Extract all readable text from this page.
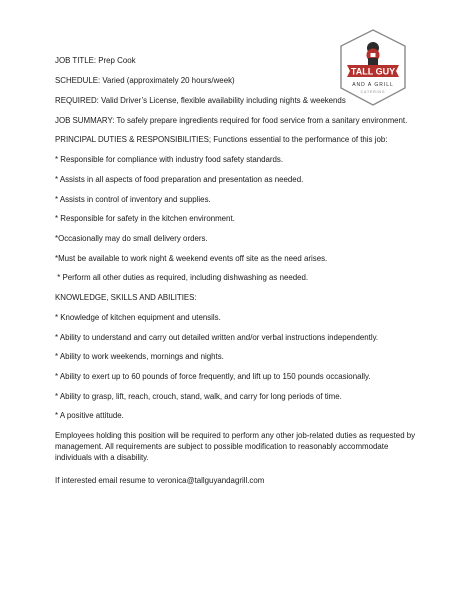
TALL GUY
AND A GRILL
CATERING
JOB TITLE: Prep Cook
SCHEDULE: Varied (approximately 20 hours/week)
REQUIRED: Valid Driver’s License, flexible availability including nights & weekends
JOB SUMMARY: To safely prepare ingredients required for food service from a sanitary environment.
PRINCIPAL DUTIES & RESPONSIBILITIES; Functions essential to the performance of this job:
* Responsible for compliance with industry food safety standards.
* Assists in all aspects of food preparation and presentation as needed.
* Assists in control of inventory and supplies.
* Responsible for safety in the kitchen environment.
*Occasionally may do small delivery orders.
*Must be available to work night & weekend events off site as the need arises.
* Perform all other duties as required, including dishwashing as needed.
KNOWLEDGE, SKILLS AND ABILITIES:
* Knowledge of kitchen equipment and utensils.
* Ability to understand and carry out detailed written and/or verbal instructions independently.
* Ability to work weekends, mornings and nights.
* Ability to exert up to 60 pounds of force frequently, and lift up to 150 pounds occasionally.
* Ability to grasp, lift, reach, crouch, stand, walk, and carry for long periods of time.
* A positive attitude.
Employees holding this position will be required to perform any other job-related duties as requested by management. All requirements are subject to possible modification to reasonably accommodate individuals with a disability.
If interested email resume to veronica@tallguyandagrill.com
